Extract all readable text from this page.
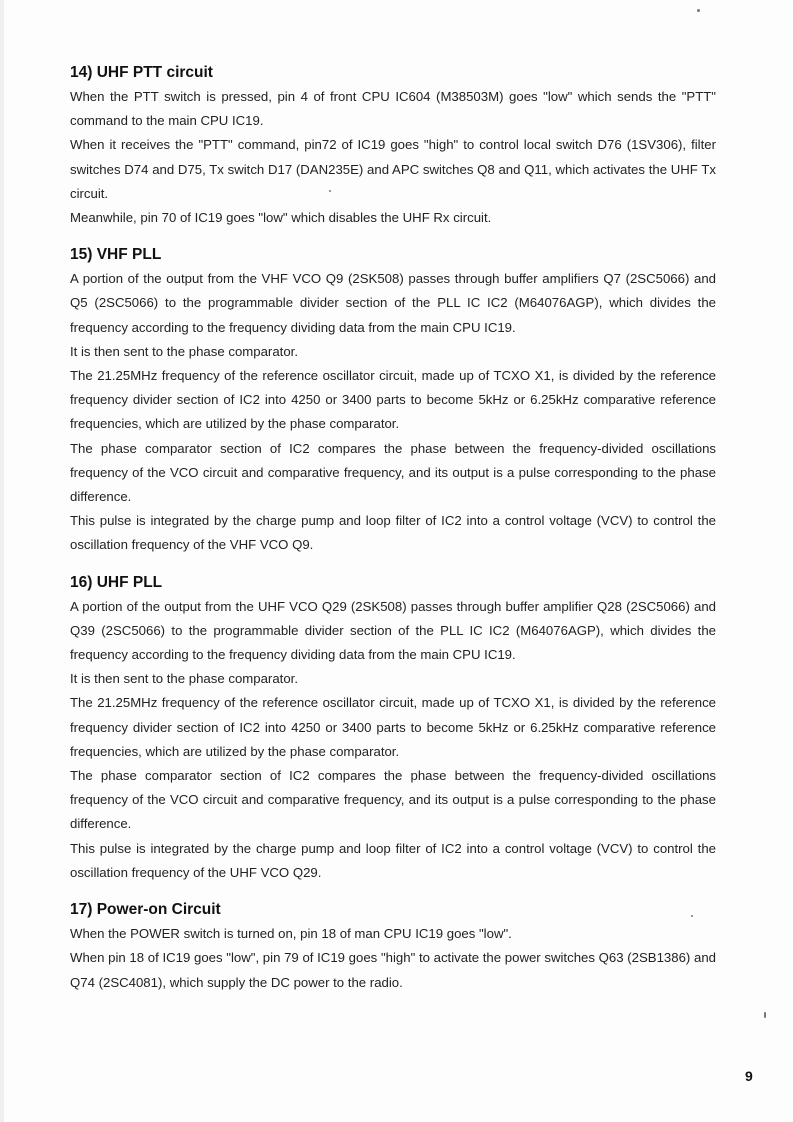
14) UHF PTT circuit

When the PTT switch is pressed, pin 4 of front CPU IC604 (M38503M) goes "low" which sends the "PTT" command to the main CPU IC19.

When it receives the "PTT" command, pin72 of IC19 goes "high" to control local switch D76 (1SV306), filter switches D74 and D75, Tx switch D17 (DAN235E) and APC switches Q8 and Q11, which activates the UHF Tx circuit.

Meanwhile, pin 70 of IC19 goes "low" which disables the UHF Rx circuit.

15) VHF PLL

A portion of the output from the VHF VCO Q9 (2SK508) passes through buffer amplifiers Q7 (2SC5066) and Q5 (2SC5066) to the programmable divider section of the PLL IC IC2 (M64076AGP), which divides the frequency according to the frequency dividing data from the main CPU IC19.

It is then sent to the phase comparator.

The 21.25MHz frequency of the reference oscillator circuit, made up of TCXO X1, is divided by the reference frequency divider section of IC2 into 4250 or 3400 parts to become 5kHz or 6.25kHz comparative reference frequencies, which are utilized by the phase comparator.

The phase comparator section of IC2 compares the phase between the frequency-divided oscillations frequency of the VCO circuit and comparative frequency, and its output is a pulse corresponding to the phase difference.

This pulse is integrated by the charge pump and loop filter of IC2 into a control voltage (VCV) to control the oscillation frequency of the VHF VCO Q9.

16) UHF PLL

A portion of the output from the UHF VCO Q29 (2SK508) passes through buffer amplifier Q28 (2SC5066) and Q39 (2SC5066) to the programmable divider section of the PLL IC IC2 (M64076AGP), which divides the frequency according to the frequency dividing data from the main CPU IC19.

It is then sent to the phase comparator.

The 21.25MHz frequency of the reference oscillator circuit, made up of TCXO X1, is divided by the reference frequency divider section of IC2 into 4250 or 3400 parts to become 5kHz or 6.25kHz comparative reference frequencies, which are utilized by the phase comparator.

The phase comparator section of IC2 compares the phase between the frequency-divided oscillations frequency of the VCO circuit and comparative frequency, and its output is a pulse corresponding to the phase difference.

This pulse is integrated by the charge pump and loop filter of IC2 into a control voltage (VCV) to control the oscillation frequency of the UHF VCO Q29.

17) Power-on Circuit

When the POWER switch is turned on, pin 18 of man CPU IC19 goes "low".

When pin 18 of IC19 goes "low", pin 79 of IC19 goes "high" to activate the power switches Q63 (2SB1386) and Q74 (2SC4081), which supply the DC power to the radio.

9
